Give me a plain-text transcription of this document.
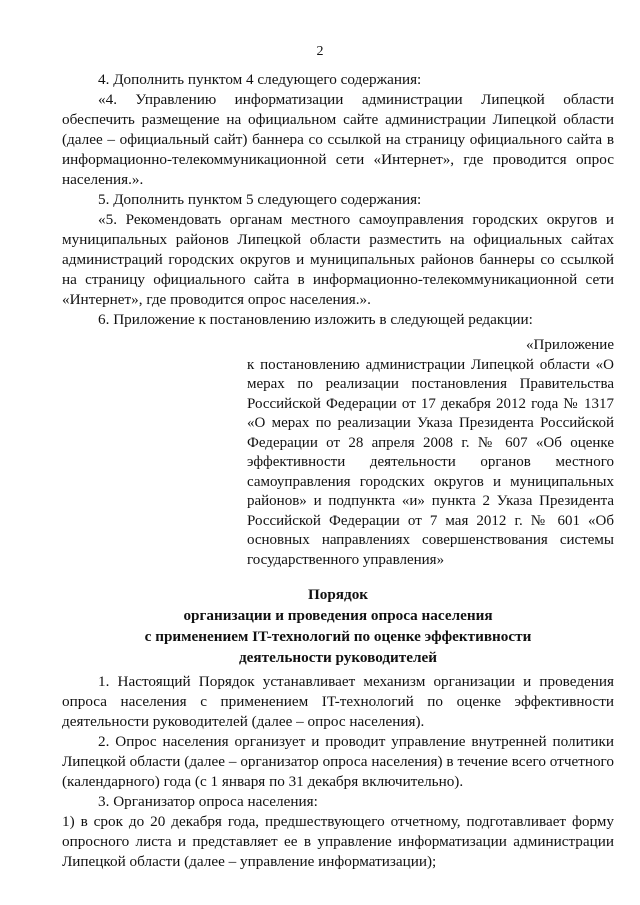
2

4. Дополнить пунктом 4 следующего содержания:

«4. Управлению информатизации администрации Липецкой области обеспечить размещение на официальном сайте администрации Липецкой области (далее – официальный сайт) баннера со ссылкой на страницу официального сайта в информационно-телекоммуникационной сети «Интернет», где проводится опрос населения.».

5. Дополнить пунктом 5 следующего содержания:

«5. Рекомендовать органам местного самоуправления городских округов и муниципальных районов Липецкой области разместить на официальных сайтах администраций городских округов и муниципальных районов баннеры со ссылкой на страницу официального сайта в информационно-телекоммуникационной сети «Интернет», где проводится опрос населения.».

6. Приложение к постановлению изложить в следующей редакции:

«Приложение

к постановлению администрации Липецкой области «О мерах по реализации постановления Правительства Российской Федерации от 17 декабря 2012 года № 1317 «О мерах по реализации Указа Президента Российской Федерации от 28 апреля 2008 г. № 607 «Об оценке эффективности деятельности органов местного самоуправления городских округов и муниципальных районов» и подпункта «и» пункта 2 Указа Президента Российской Федерации от 7 мая 2012 г. № 601 «Об основных направлениях совершенствования системы государственного управления»

Порядок
организации и проведения опроса населения
с применением IT-технологий по оценке эффективности
деятельности руководителей

1. Настоящий Порядок устанавливает механизм организации и проведения опроса населения с применением IT-технологий по оценке эффективности деятельности руководителей (далее – опрос населения).

2. Опрос населения организует и проводит управление внутренней политики Липецкой области (далее – организатор опроса населения) в течение всего отчетного (календарного) года (с 1 января по 31 декабря включительно).

3. Организатор опроса населения:

1) в срок до 20 декабря года, предшествующего отчетному, подготавливает форму опросного листа и представляет ее в управление информатизации администрации Липецкой области (далее – управление информатизации);
